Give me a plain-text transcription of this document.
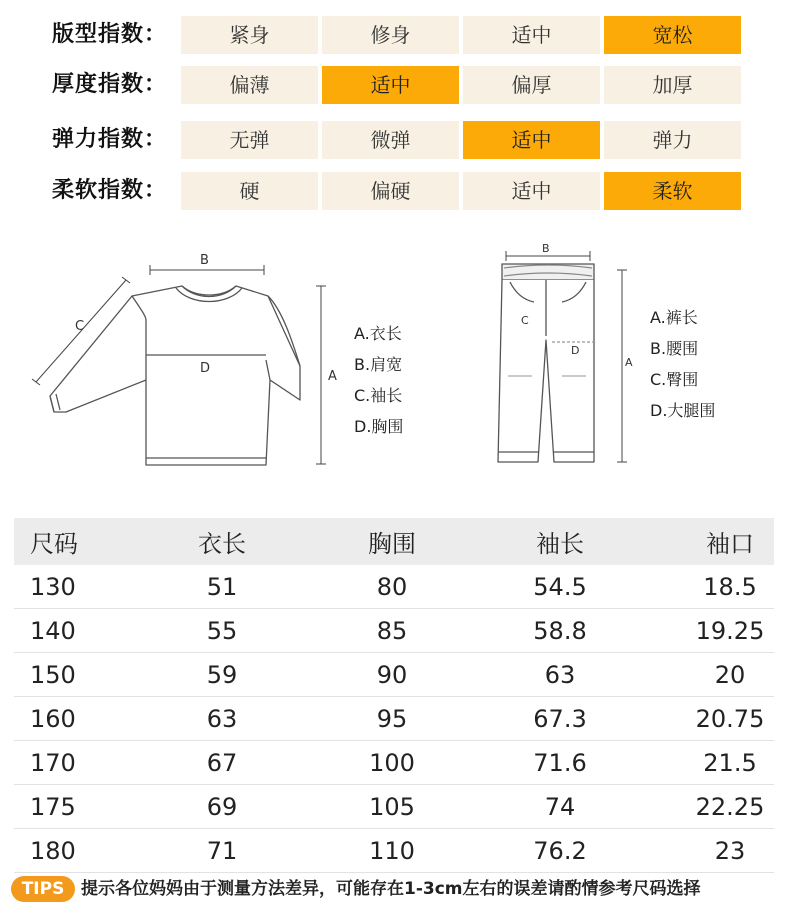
版型指数：	紧身	修身	适中	宽松
厚度指数：	偏薄	适中	偏厚	加厚
弹力指数：	无弹	微弹	适中	弹力
柔软指数：	硬	偏硬	适中	柔软
B
C
D
A
A.衣长
B.肩宽
C.袖长
D.胸围
B
C
D
A
A.裤长
B.腰围
C.臀围
D.大腿围
尺码	衣长	胸围	袖长	袖口
130	51	80	54.5	18.5
140	55	85	58.8	19.25
150	59	90	63	20
160	63	95	67.3	20.75
170	67	100	71.6	21.5
175	69	105	74	22.25
180	71	110	76.2	23
TIPS 提示各位妈妈由于测量方法差异，可能存在1-3cm左右的误差请酌情参考尺码选择
